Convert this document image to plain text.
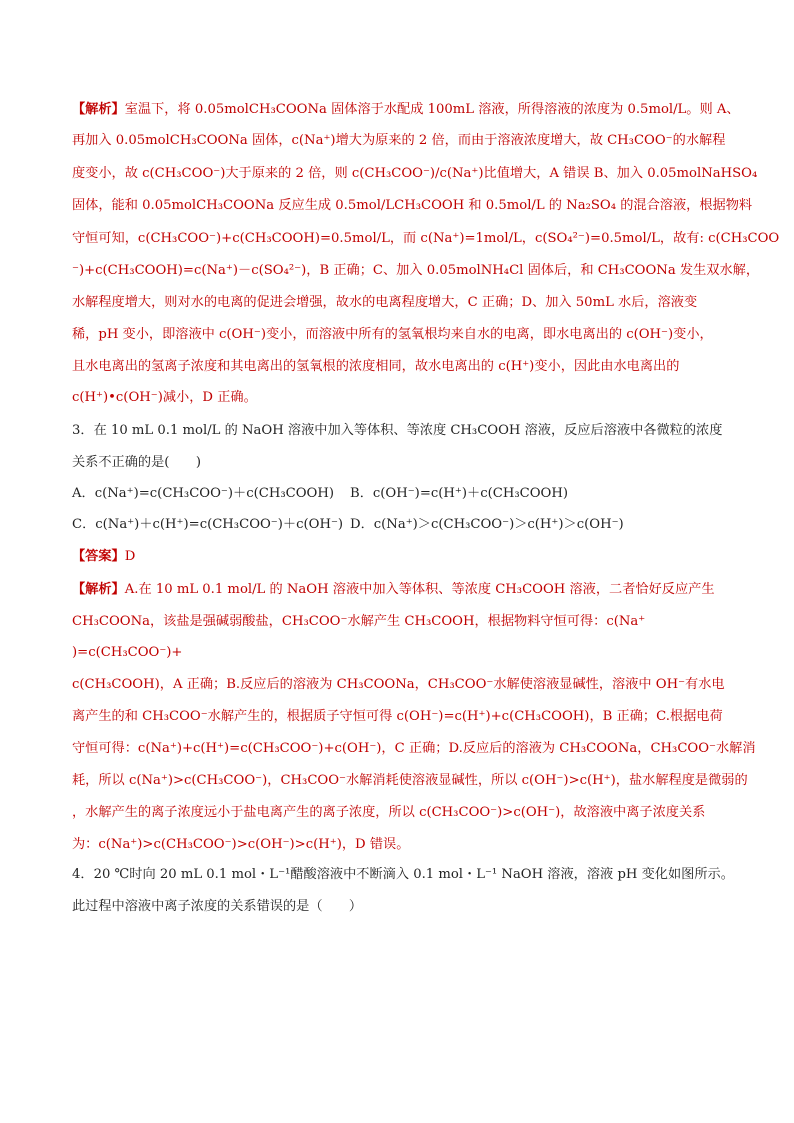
【解析】室温下，将 0.05molCH₃COONa 固体溶于水配成 100mL 溶液，所得溶液的浓度为 0.5mol/L。则 A、
再加入 0.05molCH₃COONa 固体，c(Na⁺)增大为原来的 2 倍，而由于溶液浓度增大，故 CH₃COO⁻的水解程
度变小，故 c(CH₃COO⁻)大于原来的 2 倍，则 c(CH₃COO⁻)/c(Na⁺)比值增大，A 错误 B、加入 0.05molNaHSO₄
固体，能和 0.05molCH₃COONa 反应生成 0.5mol/LCH₃COOH 和 0.5mol/L 的 Na₂SO₄ 的混合溶液，根据物料
守恒可知，c(CH₃COO⁻)+c(CH₃COOH)=0.5mol/L，而 c(Na⁺)=1mol/L，c(SO₄²⁻)=0.5mol/L，故有: c(CH₃COO
⁻)+c(CH₃COOH)=c(Na⁺)－c(SO₄²⁻)，B 正确；C、加入 0.05molNH₄Cl 固体后，和 CH₃COONa 发生双水解，
水解程度增大，则对水的电离的促进会增强，故水的电离程度增大，C 正确；D、加入 50mL 水后，溶液变
稀，pH 变小，即溶液中 c(OH⁻)变小，而溶液中所有的氢氧根均来自水的电离，即水电离出的 c(OH⁻)变小，
且水电离出的氢离子浓度和其电离出的氢氧根的浓度相同，故水电离出的 c(H⁺)变小，因此由水电离出的
c(H⁺)•c(OH⁻)减小，D 正确。
3．在 10 mL 0.1 mol/L 的 NaOH 溶液中加入等体积、等浓度 CH₃COOH 溶液，反应后溶液中各微粒的浓度
关系不正确的是(　　)
A．c(Na⁺)=c(CH₃COO⁻)＋c(CH₃COOH) B．c(OH⁻)=c(H⁺)＋c(CH₃COOH)
C．c(Na⁺)＋c(H⁺)=c(CH₃COO⁻)＋c(OH⁻) D．c(Na⁺)＞c(CH₃COO⁻)＞c(H⁺)＞c(OH⁻)
【答案】D
【解析】A.在 10 mL 0.1 mol/L 的 NaOH 溶液中加入等体积、等浓度 CH₃COOH 溶液，二者恰好反应产生
CH₃COONa，该盐是强碱弱酸盐，CH₃COO⁻水解产生 CH₃COOH，根据物料守恒可得：c(Na⁺
)=c(CH₃COO⁻)+
c(CH₃COOH)，A 正确；B.反应后的溶液为 CH₃COONa，CH₃COO⁻水解使溶液显碱性，溶液中 OH⁻有水电
离产生的和 CH₃COO⁻水解产生的，根据质子守恒可得 c(OH⁻)=c(H⁺)+c(CH₃COOH)，B 正确；C.根据电荷
守恒可得：c(Na⁺)+c(H⁺)=c(CH₃COO⁻)+c(OH⁻)，C 正确；D.反应后的溶液为 CH₃COONa，CH₃COO⁻水解消
耗，所以 c(Na⁺)>c(CH₃COO⁻)，CH₃COO⁻水解消耗使溶液显碱性，所以 c(OH⁻)>c(H⁺)，盐水解程度是微弱的
，水解产生的离子浓度远小于盐电离产生的离子浓度，所以 c(CH₃COO⁻)>c(OH⁻)，故溶液中离子浓度关系
为：c(Na⁺)>c(CH₃COO⁻)>c(OH⁻)>c(H⁺)，D 错误。
4．20 ℃时向 20 mL 0.1 mol・L⁻¹醋酸溶液中不断滴入 0.1 mol・L⁻¹ NaOH 溶液，溶液 pH 变化如图所示。
此过程中溶液中离子浓度的关系错误的是（　　）
